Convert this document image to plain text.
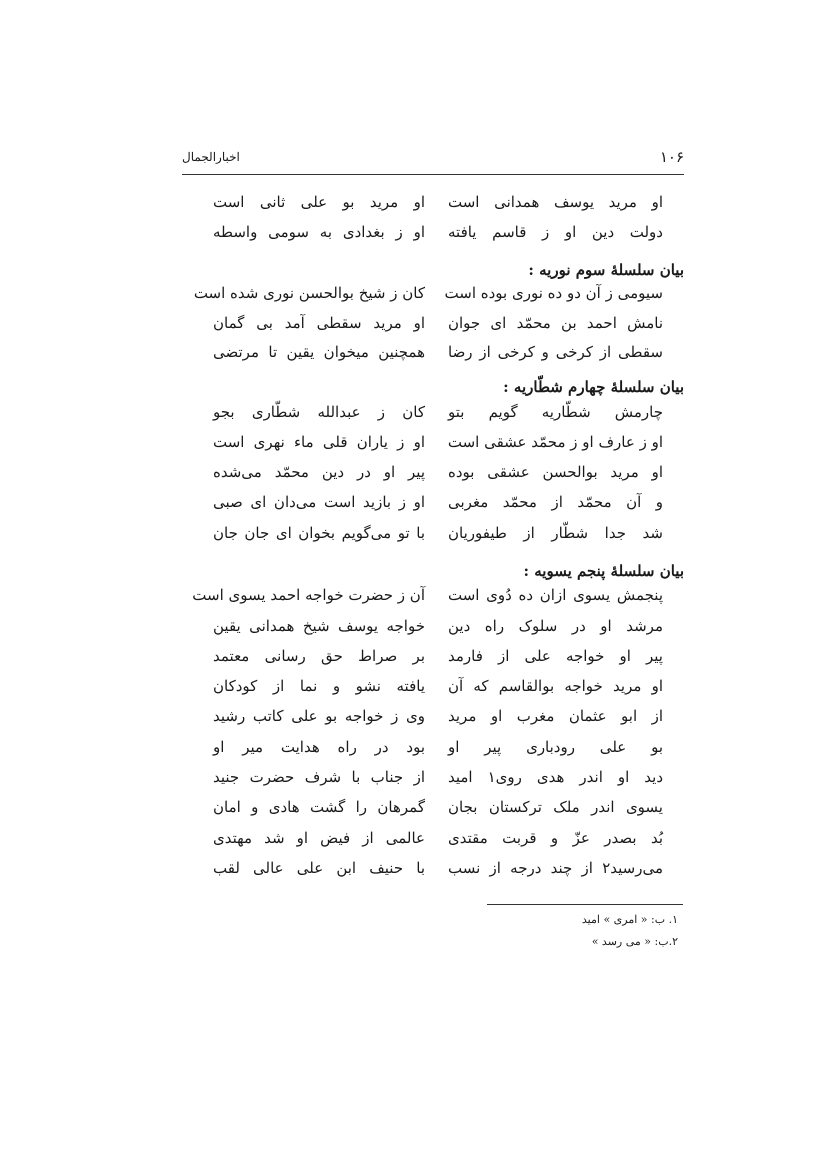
۱۰۶
اخبارالجمال
او مرید یوسف همدانی است
او مرید بو علی ثانی است
دولت دین او ز قاسم یافته
او ز بغدادی به سومی واسطه
بیان سلسلهٔ سوم نوریه :
سیومی ز آن دو ده نوری بوده است
کان ز شیخ بوالحسن نوری شده است
نامش احمد بن محمّد ای جوان
او مرید سقطی آمد بی گمان
سقطی از کرخی و کرخی از رضا
همچنین میخوان یقین تا مرتضی
بیان سلسلهٔ چهارم شطّاریه :
چارمش شطّاریه گویم بتو
کان ز عبدالله شطّاری بجو
او ز عارف او ز محمّد عشقی است
او ز یاران قلی ماء نهری است
او مرید بوالحسن عشقی بوده
پیر او در دین محمّد می‌شده
و آن محمّد از محمّد مغربی
او ز بازید است می‌دان ای صبی
شد جدا شطّار از طیفوریان
با تو می‌گویم بخوان ای جان جان
بیان سلسلهٔ پنجم یسویه :
پنجمش یسوی ازان ده دُوی است
آن ز حضرت خواجه احمد یسوی است
مرشد او در سلوک راه دین
خواجه یوسف شیخ همدانی یقین
پیر او خواجه علی از فارمد
بر صراط حق رسانی معتمد
او مرید خواجه بوالقاسم که آن
یافته نشو و نما از کودکان
از ابو عثمان مغرب او مرید
وی ز خواجه بو علی کاتب رشید
بو علی رودباری پیر او
بود در راه هدایت میر او
دید او اندر هدی روی۱ امید
از جناب با شرف حضرت جنید
یسوی اندر ملک ترکستان بجان
گمرهان را گشت هادی و امان
بُد بصدر عزّ و قربت مقتدی
عالمی از فیض او شد مهتدی
می‌رسید۲ از چند درجه از نسب
با حنیف ابن علی عالی لقب
۱. ب: « امری » امید
۲.ب: « می رسد »
